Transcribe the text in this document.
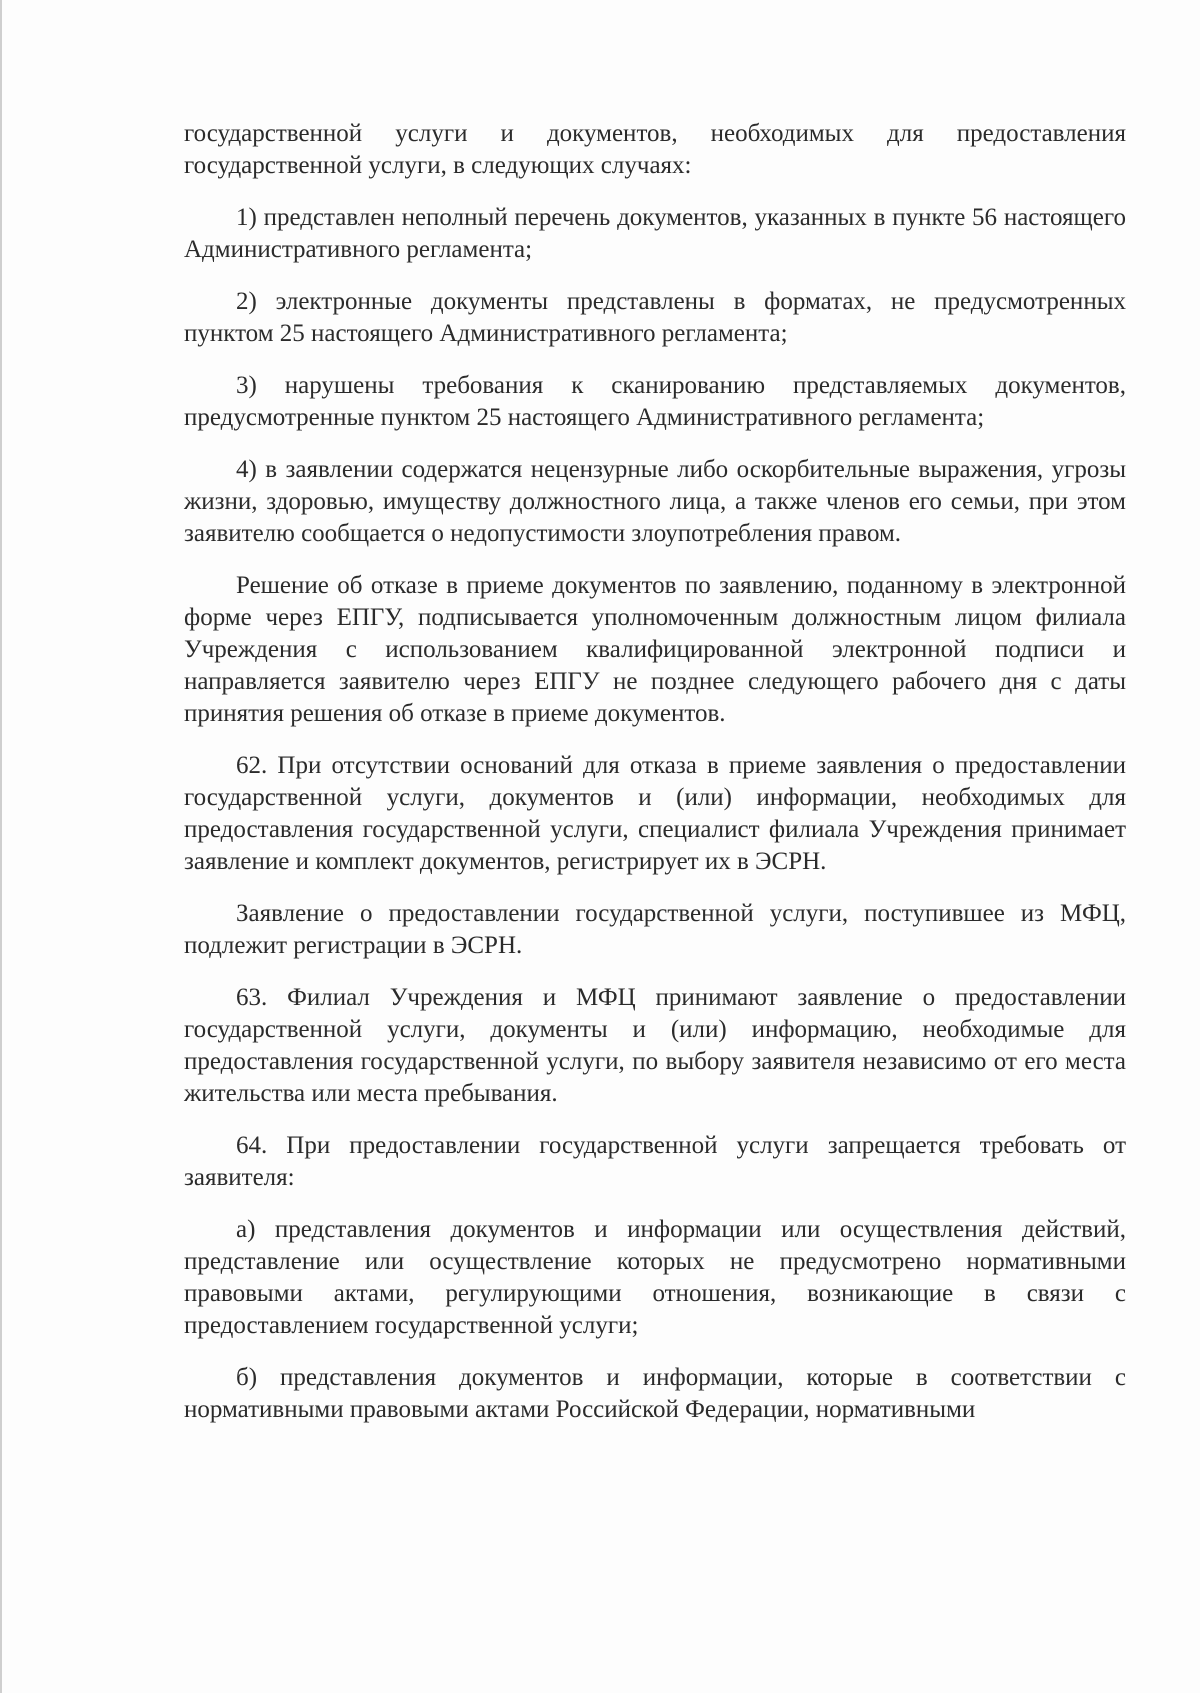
государственной услуги и документов, необходимых для предоставления государственной услуги, в следующих случаях:

1) представлен неполный перечень документов, указанных в пункте 56 настоящего Административного регламента;

2) электронные документы представлены в форматах, не предусмотренных пунктом 25 настоящего Административного регламента;

3) нарушены требования к сканированию представляемых документов, предусмотренные пунктом 25 настоящего Административного регламента;

4) в заявлении содержатся нецензурные либо оскорбительные выражения, угрозы жизни, здоровью, имуществу должностного лица, а также членов его семьи, при этом заявителю сообщается о недопустимости злоупотребления правом.

Решение об отказе в приеме документов по заявлению, поданному в электронной форме через ЕПГУ, подписывается уполномоченным должностным лицом филиала Учреждения с использованием квалифицированной электронной подписи и направляется заявителю через ЕПГУ не позднее следующего рабочего дня с даты принятия решения об отказе в приеме документов.

62. При отсутствии оснований для отказа в приеме заявления о предоставлении государственной услуги, документов и (или) информации, необходимых для предоставления государственной услуги, специалист филиала Учреждения принимает заявление и комплект документов, регистрирует их в ЭСРН.

Заявление о предоставлении государственной услуги, поступившее из МФЦ, подлежит регистрации в ЭСРН.

63. Филиал Учреждения и МФЦ принимают заявление о предоставлении государственной услуги, документы и (или) информацию, необходимые для предоставления государственной услуги, по выбору заявителя независимо от его места жительства или места пребывания.

64. При предоставлении государственной услуги запрещается требовать от заявителя:

а) представления документов и информации или осуществления действий, представление или осуществление которых не предусмотрено нормативными правовыми актами, регулирующими отношения, возникающие в связи с предоставлением государственной услуги;

б) представления документов и информации, которые в соответствии с нормативными правовыми актами Российской Федерации, нормативными
